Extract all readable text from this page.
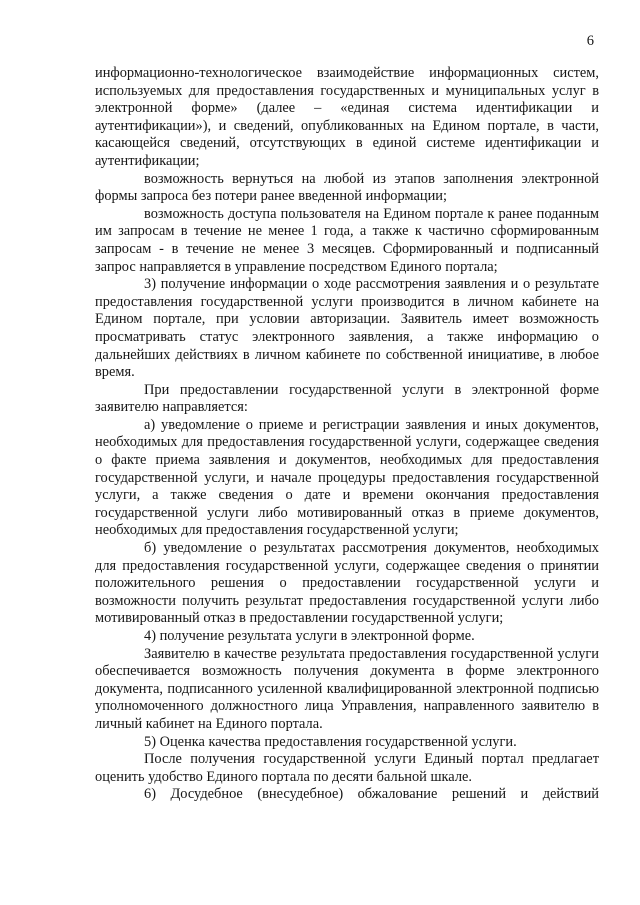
6

информационно-технологическое взаимодействие информационных систем, используемых для предоставления государственных и муниципальных услуг в электронной форме» (далее – «единая система идентификации и аутентификации»), и сведений, опубликованных на Едином портале, в части, касающейся сведений, отсутствующих в единой системе идентификации и аутентификации;

возможность вернуться на любой из этапов заполнения электронной формы запроса без потери ранее введенной информации;

возможность доступа пользователя на Едином портале к ранее поданным им запросам в течение не менее 1 года, а также к частично сформированным запросам - в течение не менее 3 месяцев. Сформированный и подписанный запрос направляется в управление посредством Единого портала;

3) получение информации о ходе рассмотрения заявления и о результате предоставления государственной услуги производится в личном кабинете на Едином портале, при условии авторизации. Заявитель имеет возможность просматривать статус электронного заявления, а также информацию о дальнейших действиях в личном кабинете по собственной инициативе, в любое время.

При предоставлении государственной услуги в электронной форме заявителю направляется:

а) уведомление о приеме и регистрации заявления и иных документов, необходимых для предоставления государственной услуги, содержащее сведения о факте приема заявления и документов, необходимых для предоставления государственной услуги, и начале процедуры предоставления государственной услуги, а также сведения о дате и времени окончания предоставления государственной услуги либо мотивированный отказ в приеме документов, необходимых для предоставления государственной услуги;

б) уведомление о результатах рассмотрения документов, необходимых для предоставления государственной услуги, содержащее сведения о принятии положительного решения о предоставлении государственной услуги и возможности получить результат предоставления государственной услуги либо мотивированный отказ в предоставлении государственной услуги;

4) получение результата услуги в электронной форме.

Заявителю в качестве результата предоставления государственной услуги обеспечивается возможность получения документа в форме электронного документа, подписанного усиленной квалифицированной электронной подписью уполномоченного должностного лица Управления, направленного заявителю в личный кабинет на Единого портала.

5) Оценка качества предоставления государственной услуги.

После получения государственной услуги Единый портал предлагает оценить удобство Единого портала по десяти бальной шкале.

6) Досудебное (внесудебное) обжалование решений и действий
